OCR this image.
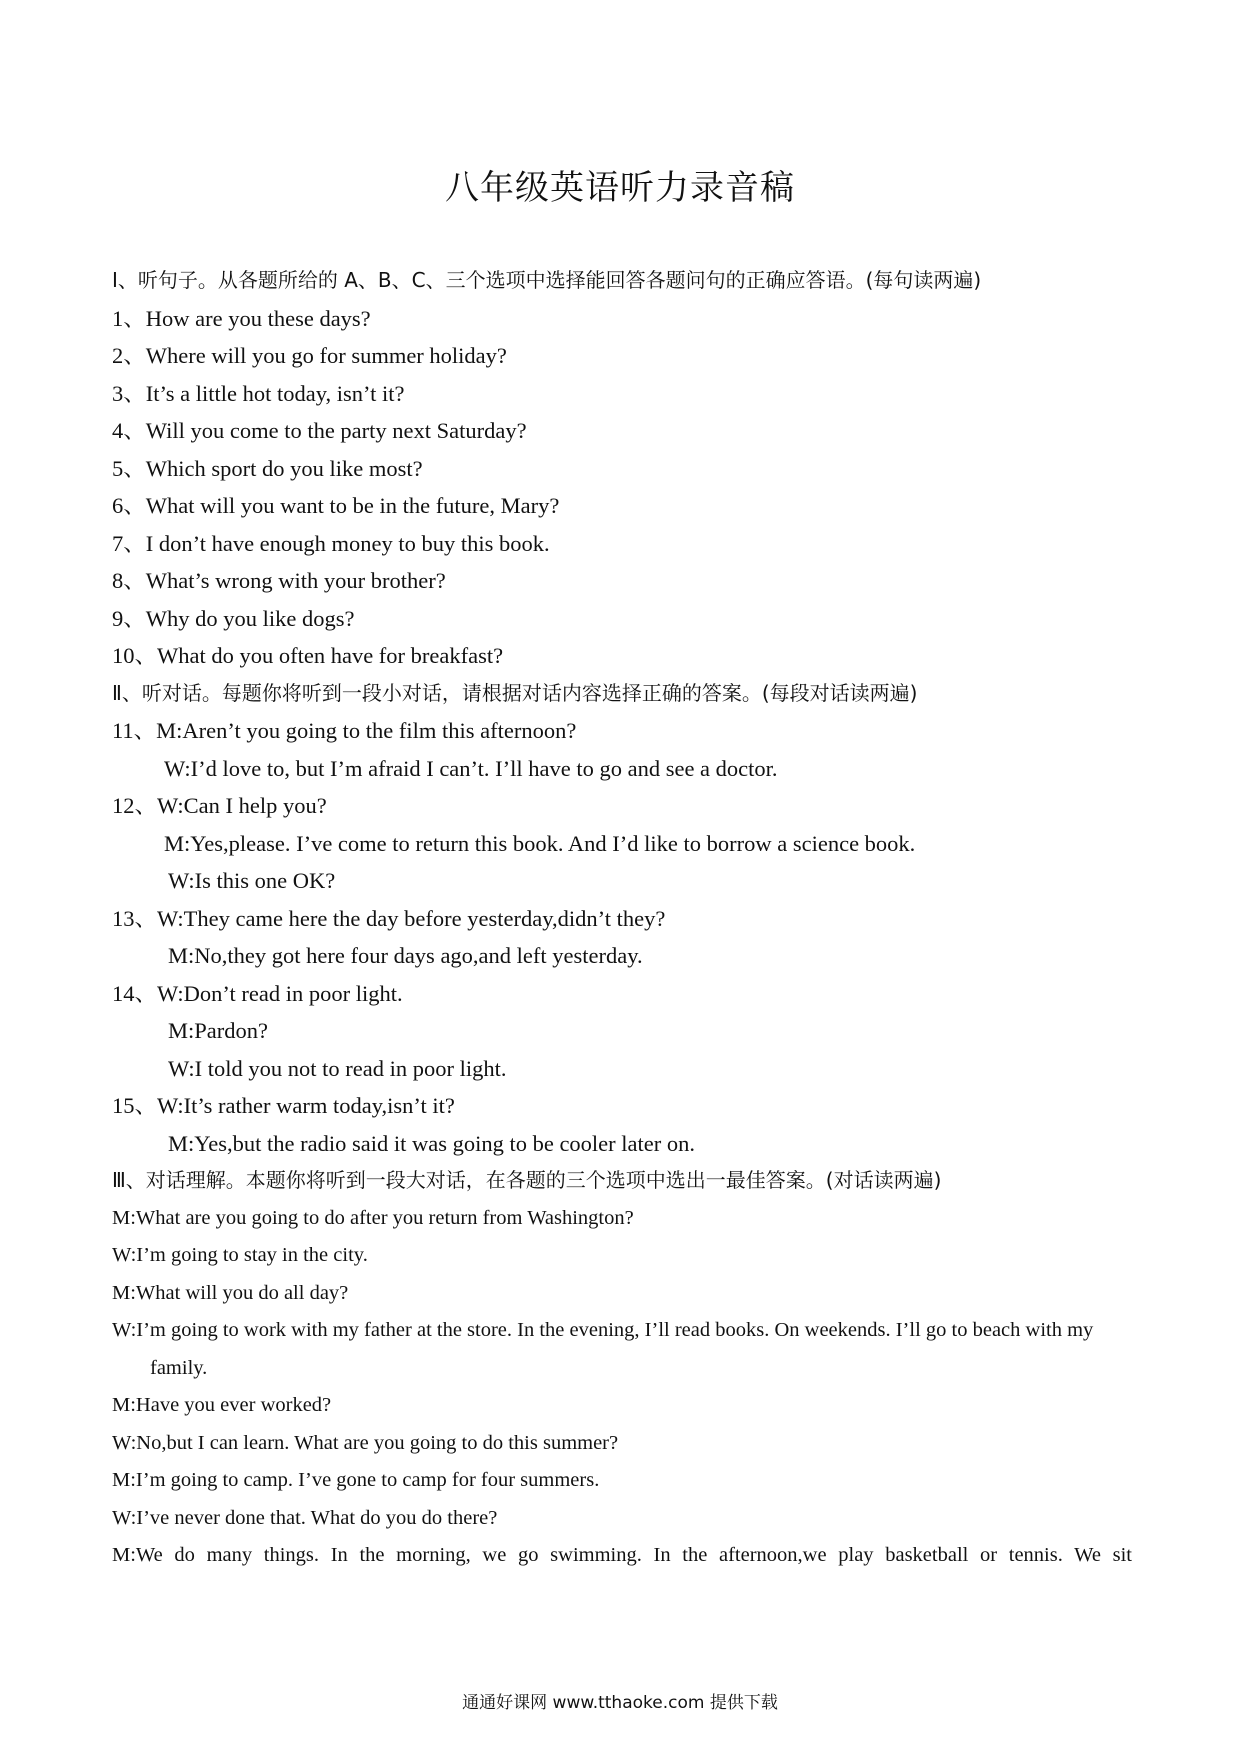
八年级英语听力录音稿
Ⅰ、听句子。从各题所给的 A、B、C、三个选项中选择能回答各题问句的正确应答语。(每句读两遍)
1、How are you these days?
2、Where will you go for summer holiday?
3、It’s a little hot today, isn’t it?
4、Will you come to the party next Saturday?
5、Which sport do you like most?
6、What will you want to be in the future, Mary?
7、I don’t have enough money to buy this book.
8、What’s wrong with your brother?
9、Why do you like dogs?
10、What do you often have for breakfast?
Ⅱ、听对话。每题你将听到一段小对话，请根据对话内容选择正确的答案。(每段对话读两遍)
11、M:Aren’t you going to the film this afternoon?
W:I’d love to, but I’m afraid I can’t. I’ll have to go and see a doctor.
12、W:Can I help you?
M:Yes,please. I’ve come to return this book. And I’d like to borrow a science book.
W:Is this one OK?
13、W:They came here the day before yesterday,didn’t they?
M:No,they got here four days ago,and left yesterday.
14、W:Don’t read in poor light.
M:Pardon?
W:I told you not to read in poor light.
15、W:It’s rather warm today,isn’t it?
M:Yes,but the radio said it was going to be cooler later on.
Ⅲ、对话理解。本题你将听到一段大对话，在各题的三个选项中选出一最佳答案。(对话读两遍)
M:What are you going to do after you return from Washington?
W:I’m going to stay in the city.
M:What will you do all day?
W:I’m going to work with my father at the store. In the evening, I’ll read books. On weekends. I’ll go to beach with my family.
M:Have you ever worked?
W:No,but I can learn. What are you going to do this summer?
M:I’m going to camp. I’ve gone to camp for four summers.
W:I’ve never done that. What do you do there?
M:We do many things. In the morning, we go swimming. In the afternoon,we play basketball or tennis. We sit
通通好课网 www.tthaoke.com 提供下载
